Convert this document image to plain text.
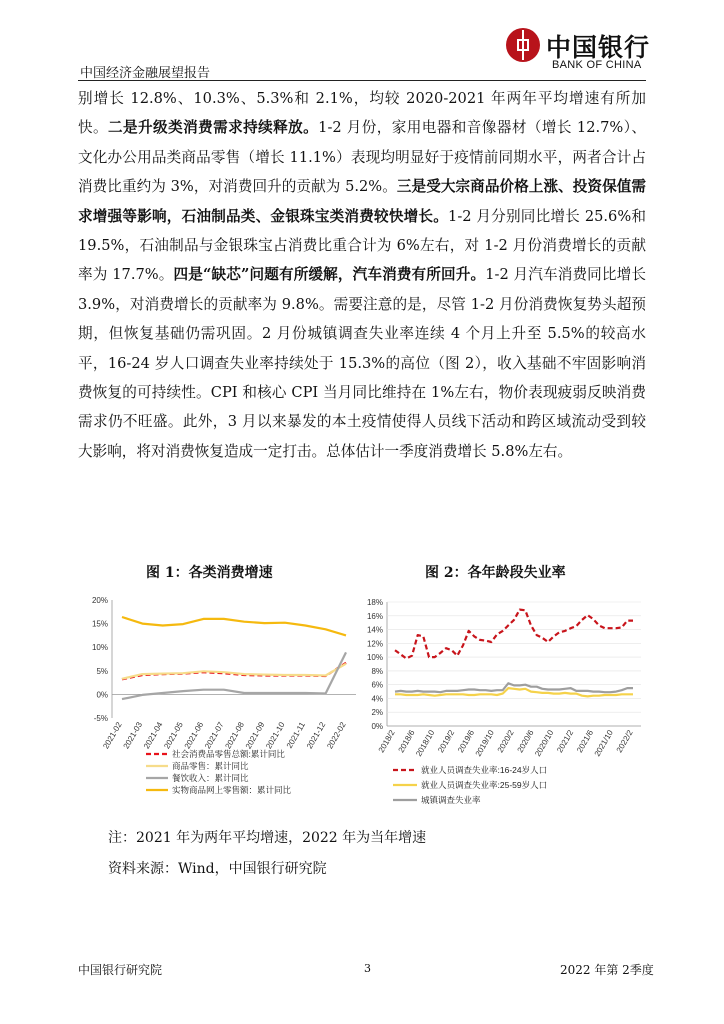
中国经济金融展望报告
中国银行
BANK OF CHINA

别增长 12.8%、10.3%、5.3%和 2.1%，均较 2020-2021 年两年平均增速有所加快。二是升级类消费需求持续释放。1-2 月份，家用电器和音像器材（增长 12.7%）、文化办公用品类商品零售（增长 11.1%）表现均明显好于疫情前同期水平，两者合计占消费比重约为 3%，对消费回升的贡献为 5.2%。三是受大宗商品价格上涨、投资保值需求增强等影响，石油制品类、金银珠宝类消费较快增长。1-2 月分别同比增长 25.6%和 19.5%，石油制品与金银珠宝占消费比重合计为 6%左右，对 1-2 月份消费增长的贡献率为 17.7%。四是“缺芯”问题有所缓解，汽车消费有所回升。1-2 月汽车消费同比增长 3.9%，对消费增长的贡献率为 9.8%。需要注意的是，尽管 1-2 月份消费恢复势头超预期，但恢复基础仍需巩固。2 月份城镇调查失业率连续 4 个月上升至 5.5%的较高水平，16-24 岁人口调查失业率持续处于 15.3%的高位（图 2），收入基础不牢固影响消费恢复的可持续性。CPI 和核心 CPI 当月同比维持在 1%左右，物价表现疲弱反映消费需求仍不旺盛。此外，3 月以来暴发的本土疫情使得人员线下活动和跨区域流动受到较大影响，将对消费恢复造成一定打击。总体估计一季度消费增长 5.8%左右。

图 1：各类消费增速	图 2：各年龄段失业率
-5%
0%
5%
10%
15%
20%
2021-02
2021-03
2021-04
2021-05
2021-06
2021-07
2021-08
2021-09
2021-10
2021-11
2021-12
2022-02
社会消费品零售总额:累计同比
商品零售：累计同比
餐饮收入：累计同比
实物商品网上零售额：累计同比
0%
2%
4%
6%
8%
10%
12%
14%
16%
18%
2018/2 2018/6
2018/10 2019/2 2019/6
2019/10 2020/2 2020/6
2020/10 2021/2 2021/6
2021/10 2022/2
就业人员调查失业率:16-24岁人口
就业人员调查失业率:25-59岁人口
城镇调查失业率
注：2021 年为两年平均增速，2022 年为当年增速
资料来源：Wind，中国银行研究院
中国银行研究院	3	2022 年第 2季度
